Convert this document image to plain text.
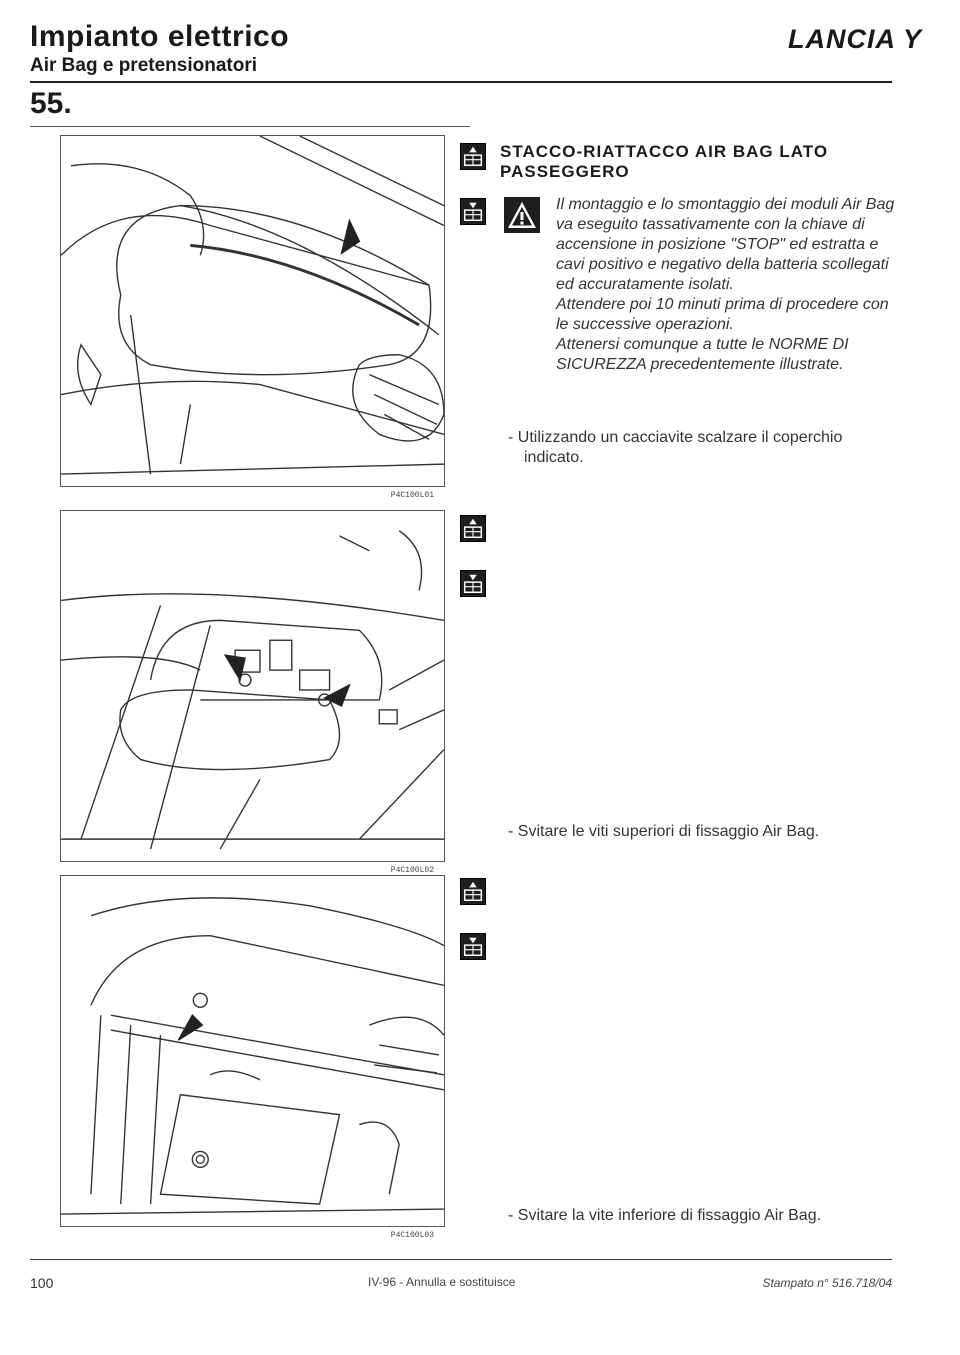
Impianto elettrico
Air Bag e pretensionatori
LANCIA Y
55.
P4C100L01
P4C100L02
P4C100L03
STACCO-RIATTACCO AIR BAG LATO PASSEGGERO

Il montaggio e lo smontaggio dei moduli Air Bag va eseguito tassativamente con la chiave di accensione in posizione "STOP" ed estratta e cavi positivo e negativo della batteria scollegati ed accuratamente isolati.

Attendere poi 10 minuti prima di procedere con le successive operazioni.

Attenersi comunque a tutte le NORME DI SICUREZZA precedentemente illustrate.

- Utilizzando un cacciavite scalzare il coperchio indicato.
- Svitare le viti superiori di fissaggio Air Bag.
- Svitare la vite inferiore di fissaggio Air Bag.
100	IV-96 - Annulla e sostituisce	Stampato n° 516.718/04
